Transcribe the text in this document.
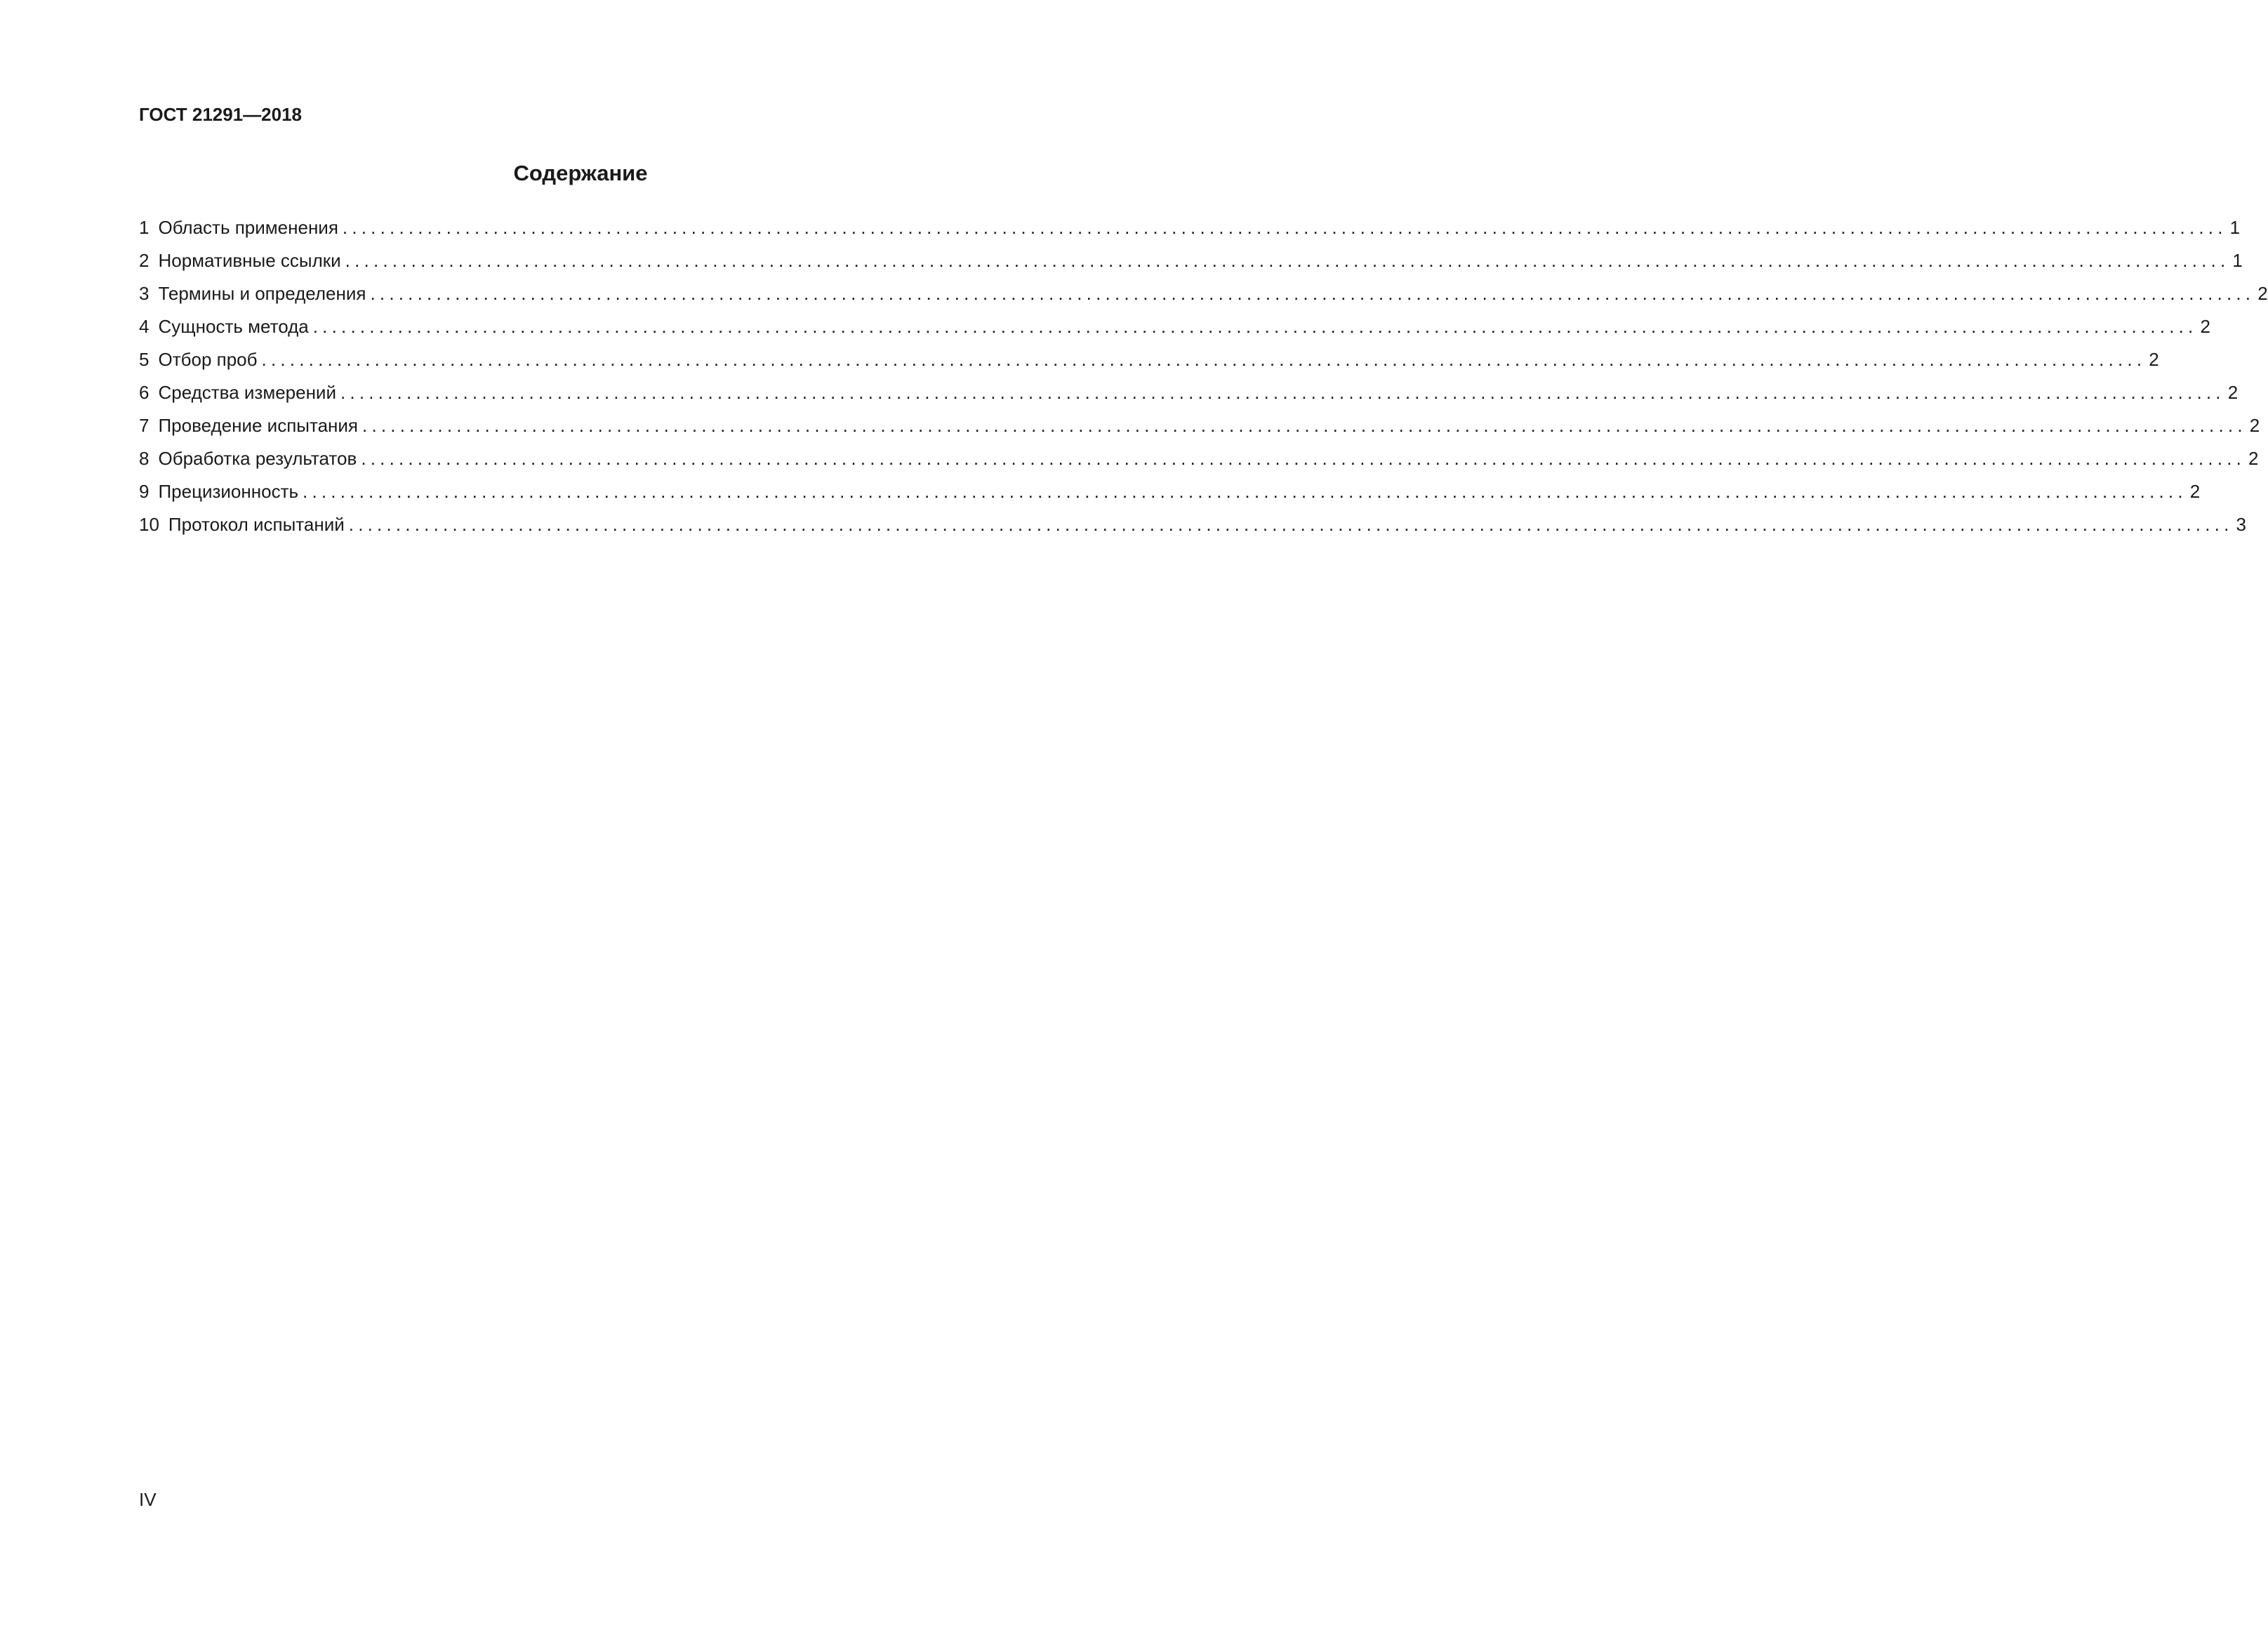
ГОСТ 21291—2018
Содержание
1 Область применения ........................................................................................................................................................................................................ 1
2 Нормативные ссылки ........................................................................................................................................................................................................ 1
3 Термины и определения ........................................................................................................................................................................................................ 2
4 Сущность метода ........................................................................................................................................................................................................ 2
5 Отбор проб ........................................................................................................................................................................................................ 2
6 Средства измерений ........................................................................................................................................................................................................ 2
7 Проведение испытания ........................................................................................................................................................................................................ 2
8 Обработка результатов ........................................................................................................................................................................................................ 2
9 Прецизионность ........................................................................................................................................................................................................ 2
10 Протокол испытаний ........................................................................................................................................................................................................ 3
IV
